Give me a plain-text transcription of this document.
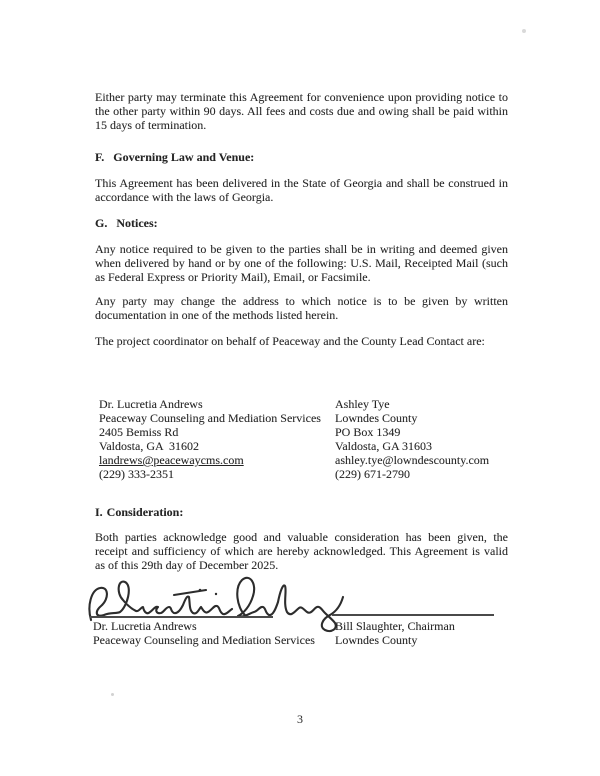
Either party may terminate this Agreement for convenience upon providing notice to the other party within 90 days. All fees and costs due and owing shall be paid within 15 days of termination.

F. Governing Law and Venue:

This Agreement has been delivered in the State of Georgia and shall be construed in accordance with the laws of Georgia.

G. Notices:

Any notice required to be given to the parties shall be in writing and deemed given when delivered by hand or by one of the following: U.S. Mail, Receipted Mail (such as Federal Express or Priority Mail), Email, or Facsimile.

Any party may change the address to which notice is to be given by written documentation in one of the methods listed herein.

The project coordinator on behalf of Peaceway and the County Lead Contact are:

Dr. Lucretia Andrews
Peaceway Counseling and Mediation Services
2405 Bemiss Rd
Valdosta, GA  31602
landrews@peacewaycms.com
(229) 333-2351
Ashley Tye
Lowndes County
PO Box 1349
Valdosta, GA 31603
ashley.tye@lowndescounty.com
(229) 671-2790

I. Consideration:

Both parties acknowledge good and valuable consideration has been given, the receipt and sufficiency of which are hereby acknowledged. This Agreement is valid as of this 29th day of December 2025.

Dr. Lucretia Andrews
Peaceway Counseling and Mediation Services
Bill Slaughter, Chairman
Lowndes County
3
